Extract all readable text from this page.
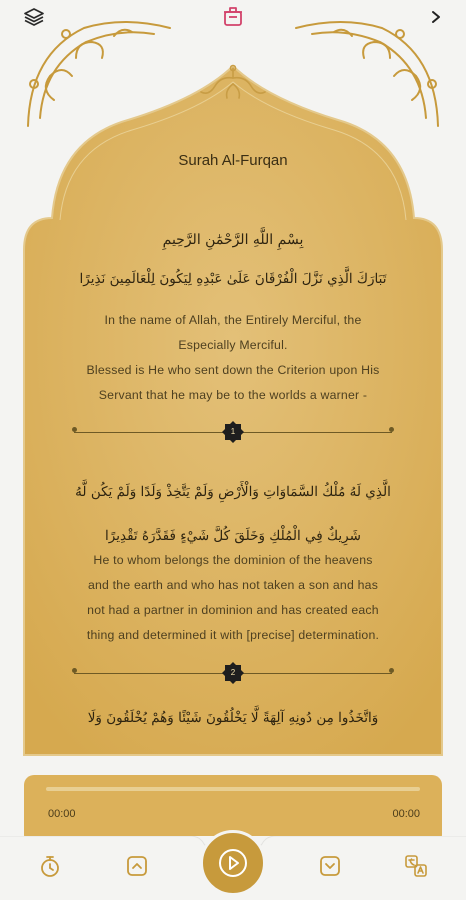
Surah Al-Furqan
بِسْمِ اللَّهِ الرَّحْمَٰنِ الرَّحِيمِ
تَبَارَكَ الَّذِي نَزَّلَ الْفُرْقَانَ عَلَىٰ عَبْدِهِ لِيَكُونَ لِلْعَالَمِينَ نَذِيرًا
In the name of Allah, the Entirely Merciful, the
Especially Merciful.
Blessed is He who sent down the Criterion upon His
Servant that he may be to the worlds a warner -
1
الَّذِي لَهُ مُلْكُ السَّمَاوَاتِ وَالْأَرْضِ وَلَمْ يَتَّخِذْ وَلَدًا وَلَمْ يَكُن لَّهُ
شَرِيكٌ فِي الْمُلْكِ وَخَلَقَ كُلَّ شَيْءٍ فَقَدَّرَهُ تَقْدِيرًا
He to whom belongs the dominion of the heavens
and the earth and who has not taken a son and has
not had a partner in dominion and has created each
thing and determined it with [precise] determination.
2
وَاتَّخَذُوا مِن دُونِهِ آلِهَةً لَّا يَخْلُقُونَ شَيْئًا وَهُمْ يُخْلَقُونَ وَلَا
00:00	00:00
